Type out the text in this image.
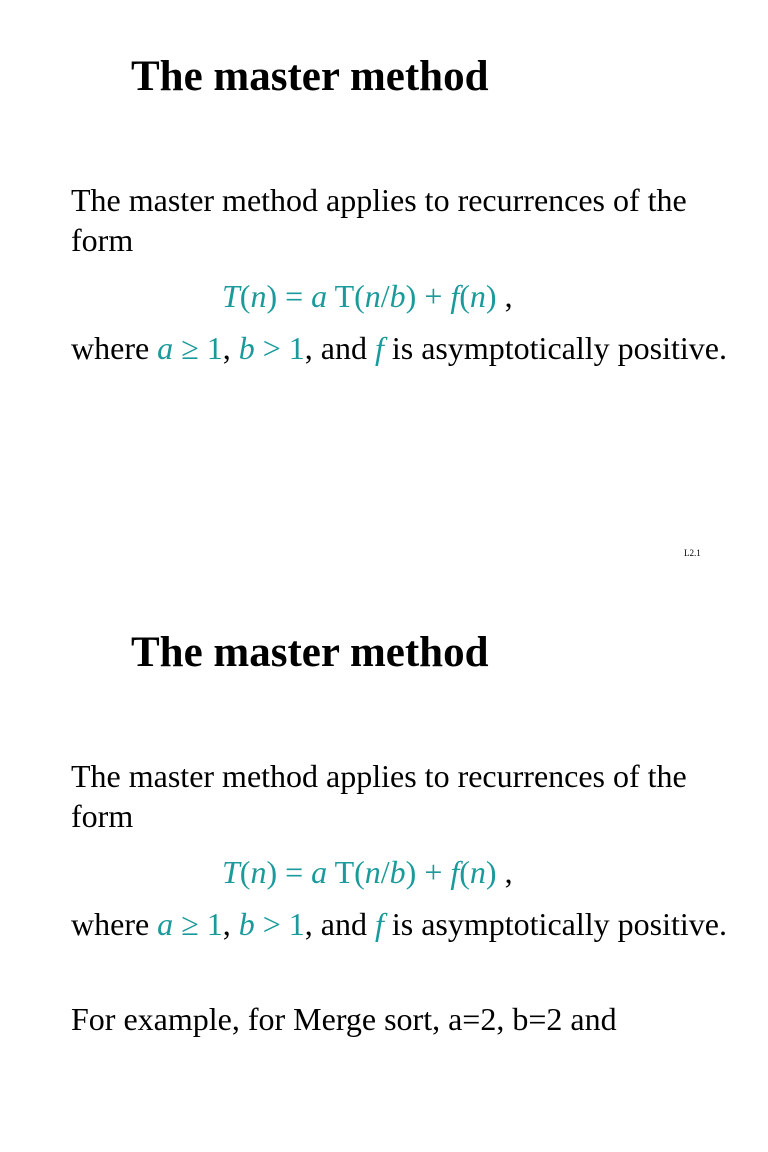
The master method

The master method applies to recurrences of the form

T(n) = a T(n/b) + f(n) ,

where a ≥ 1, b > 1, and f is asymptotically positive.

L2.1
The master method

The master method applies to recurrences of the form

T(n) = a T(n/b) + f(n) ,

where a ≥ 1, b > 1, and f is asymptotically positive.

For example, for Merge sort, a=2, b=2 and
